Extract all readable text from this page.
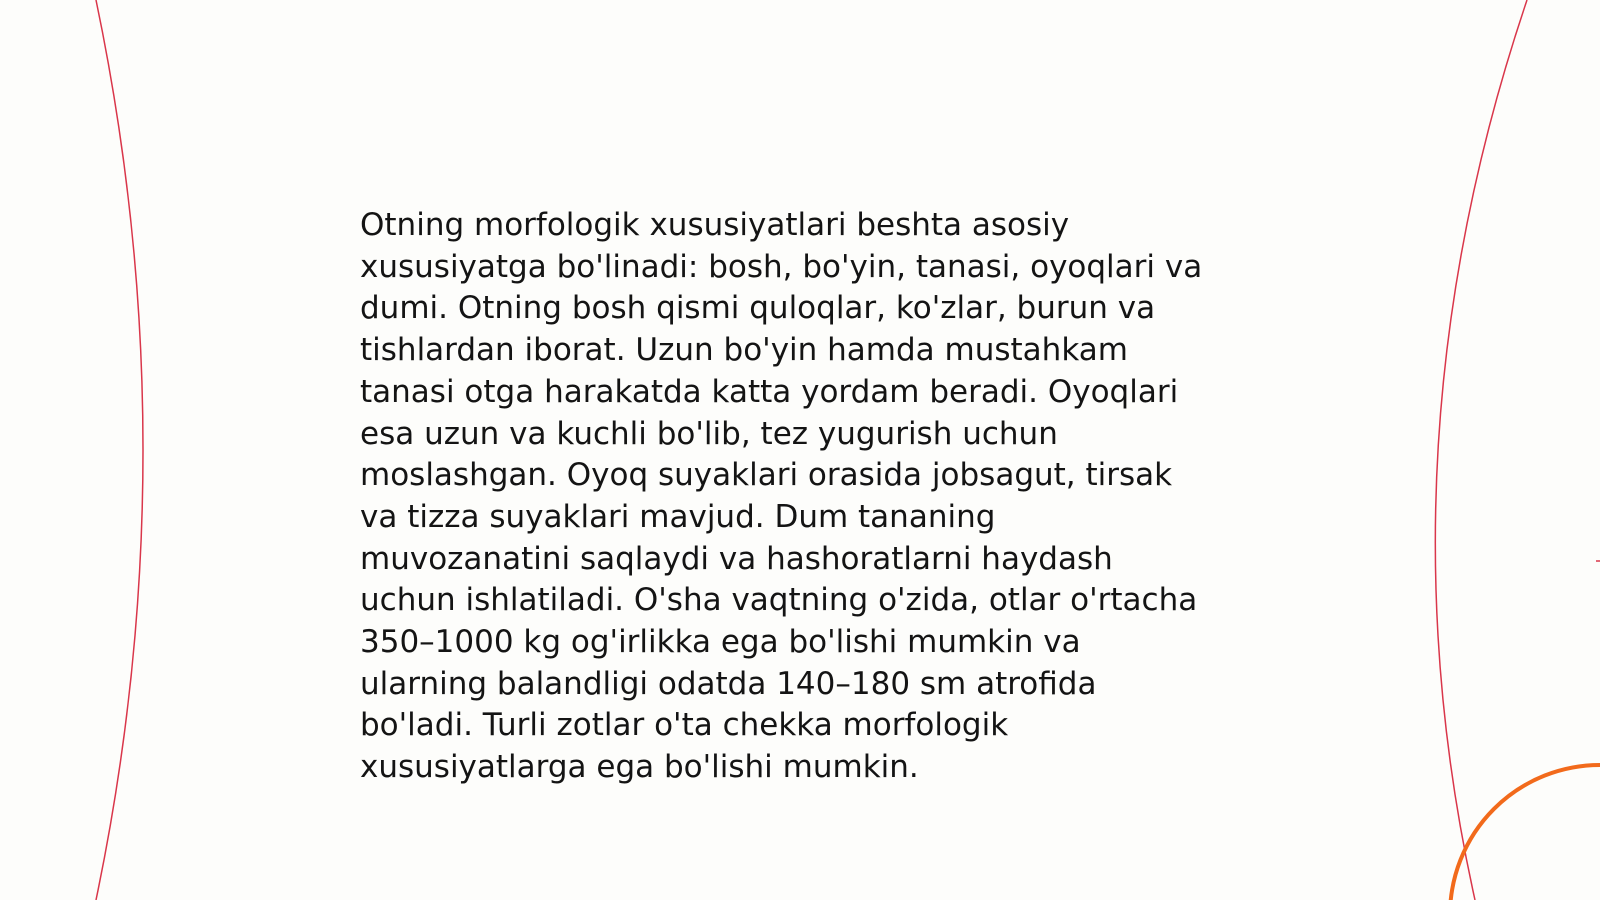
Otning morfologik xususiyatlari beshta asosiy
xususiyatga bo'linadi: bosh, bo'yin, tanasi, oyoqlari va
dumi. Otning bosh qismi quloqlar, ko'zlar, burun va
tishlardan iborat. Uzun bo'yin hamda mustahkam
tanasi otga harakatda katta yordam beradi. Oyoqlari
esa uzun va kuchli bo'lib, tez yugurish uchun
moslashgan. Oyoq suyaklari orasida jobsagut, tirsak
va tizza suyaklari mavjud. Dum tananing
muvozanatini saqlaydi va hashoratlarni haydash
uchun ishlatiladi. O'sha vaqtning o'zida, otlar o'rtacha
350–1000 kg og'irlikka ega bo'lishi mumkin va
ularning balandligi odatda 140–180 sm atrofida
bo'ladi. Turli zotlar o'ta chekka morfologik
xususiyatlarga ega bo'lishi mumkin.
